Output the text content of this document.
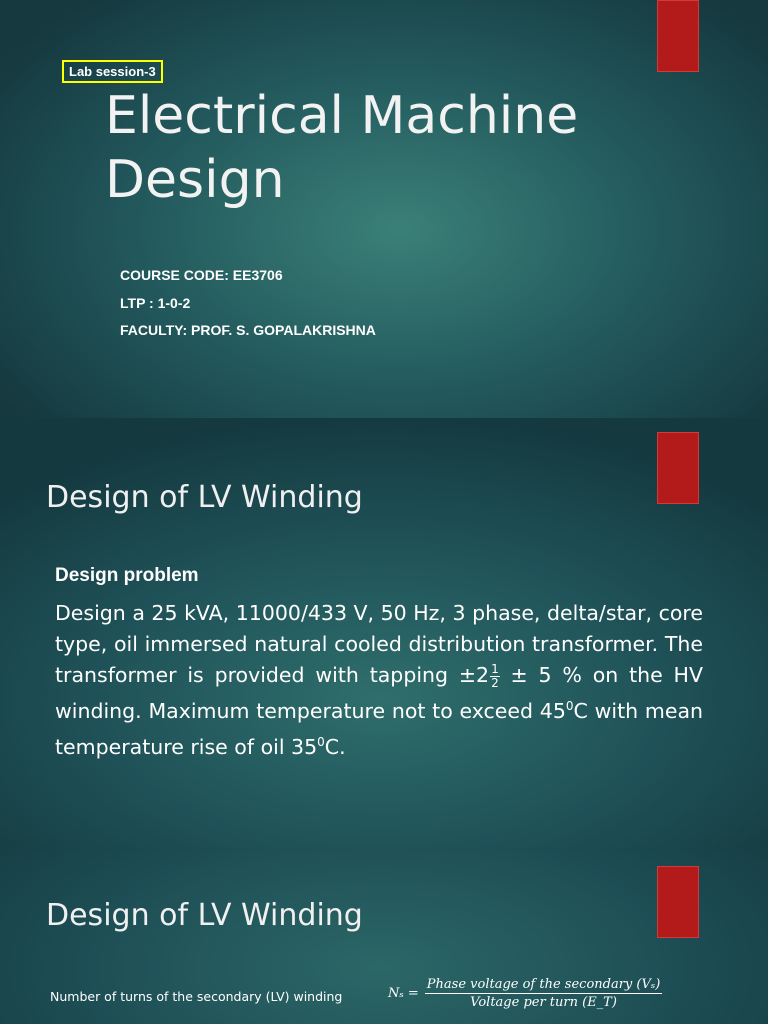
Lab session-3
Electrical Machine
Design
COURSE CODE: EE3706
LTP : 1-0-2
FACULTY: PROF. S. GOPALAKRISHNA
Design of LV Winding
Design problem

Design a 25 kVA, 11000/433 V, 50 Hz, 3 phase, delta/star, core type, oil immersed natural cooled distribution transformer. The transformer is provided with tapping $\pm 2 \frac{1}{2} \pm 5$ % on the HV winding. Maximum temperature not to exceed $45^0C$ with mean temperature rise of oil $35^0C$.

Design of LV Winding
Number of turns of the secondary (LV) winding	Nₛ =
Phase voltage of the secondary (Vₛ)
Voltage per turn (E_T)
